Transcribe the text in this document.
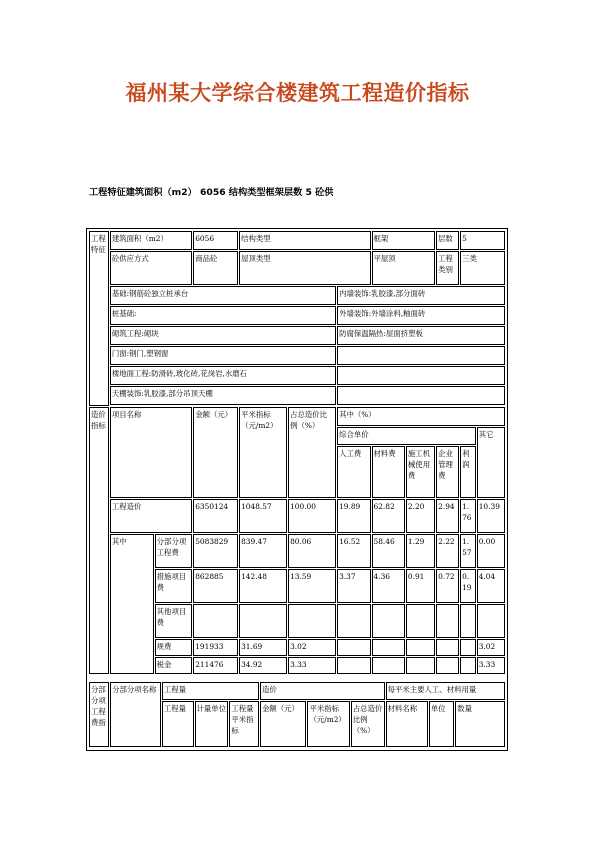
福州某大学综合楼建筑工程造价指标
工程特征建筑面积（m2） 6056 结构类型框架层数 5 砼供
工程特征	建筑面积（m2）		6056	结构类型			框架		层数	5	
	砼供应方式		商品砼	屋顶类型			平屋顶		工程类别	三类	
	基础:钢筋砼独立桩承台					内墙装饰:乳胶漆,部分面砖					
	桩基础:					外墙装饰:外墙涂料,釉面砖					
	砌筑工程:砌块					防腐保温隔热:屋面挤塑板					
	门窗:钢门,塑钢窗										
	楼地面工程:防滑砖,玻化砖,花岗岩,水磨石										
	天棚装饰:乳胶漆,部分吊顶天棚										

造价指标	项目名称		金额（元）	平米指标（元/m2）	占总造价比例（%）	其中（%）					
						综合单价					其它
						人工费	材料费	施工机械使用费	企业管理费	利润	
	工程造价		6350124	1048.57	100.00	19.89	62.82	2.20	2.94	1.76	10.39
	其中	分部分项工程费	5083829	839.47	80.06	16.52	58.46	1.29	2.22	1.57	0.00
		措施项目费	862885	142.48	13.59	3.37	4.36	0.91	0.72	0.19	4.04
		其他项目费									
		规费	191933	31.69	3.02						3.02
		税金	211476	34.92	3.33						3.33
分部分项工程费指	分部分项名称	工程量			造价			每平米主要人工、材料用量		
		工程量	计量单位	工程量平米指标	金额（元）	平米指标（元/m2）	占总造价比例（%）	材料名称	单位	数量
